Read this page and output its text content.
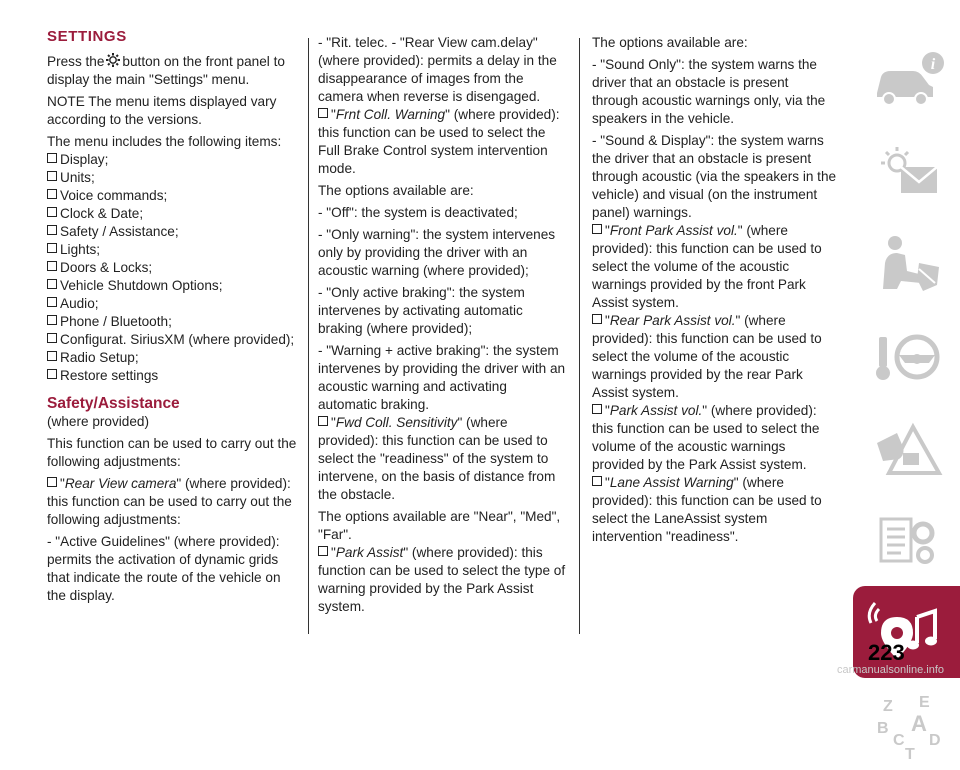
SETTINGS

Press the button on the front panel to display the main "Settings" menu.

NOTE The menu items displayed vary according to the versions.

The menu includes the following items:

Display;
Units;
Voice commands;
Clock & Date;
Safety / Assistance;
Lights;
Doors & Locks;
Vehicle Shutdown Options;
Audio;
Phone / Bluetooth;
Configurat. SiriusXM (where provided);
Radio Setup;
Restore settings
Safety/Assistance

(where provided)

This function can be used to carry out the following adjustments:

"Rear View camera" (where provided): this function can be used to carry out the following adjustments:

- "Active Guidelines" (where provided): permits the activation of dynamic grids that indicate the route of the vehicle on the display.

- "Rit. telec. - "Rear View cam.delay" (where provided): permits a delay in the disappearance of images from the camera when reverse is disengaged.

"Frnt Coll. Warning" (where provided): this function can be used to select the Full Brake Control system intervention mode.

The options available are:

- "Off": the system is deactivated;

- "Only warning": the system intervenes only by providing the driver with an acoustic warning (where provided);

- "Only active braking": the system intervenes by activating automatic braking (where provided);

- "Warning + active braking": the system intervenes by providing the driver with an acoustic warning and activating automatic braking.

"Fwd Coll. Sensitivity" (where provided): this function can be used to select the "readiness" of the system to intervene, on the basis of distance from the obstacle.

The options available are "Near", "Med", "Far".

"Park Assist" (where provided): this function can be used to select the type of warning provided by the Park Assist system.

The options available are:

- "Sound Only": the system warns the driver that an obstacle is present through acoustic warnings only, via the speakers in the vehicle.

- "Sound & Display": the system warns the driver that an obstacle is present through acoustic (via the speakers in the vehicle) and visual (on the instrument panel) warnings.

"Front Park Assist vol." (where provided): this function can be used to select the volume of the acoustic warnings provided by the front Park Assist system.

"Rear Park Assist vol." (where provided): this function can be used to select the volume of the acoustic warnings provided by the rear Park Assist system.

"Park Assist vol." (where provided): this function can be used to select the volume of the acoustic warnings provided by the Park Assist system.

"Lane Assist Warning" (where provided): this function can be used to select the LaneAssist system intervention "readiness".

i
Z E
B A
C D
T
223
carmanualsonline.info
